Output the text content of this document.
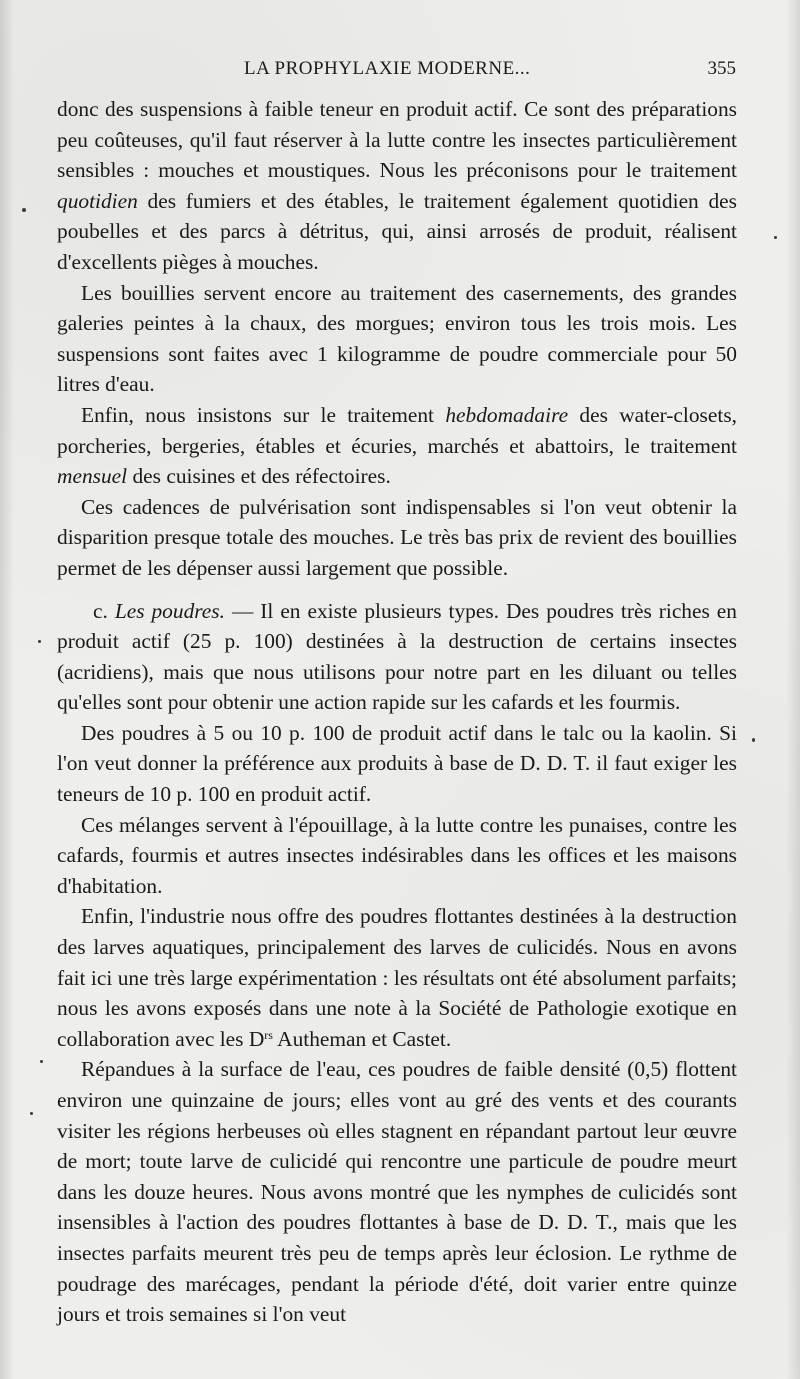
LA PROPHYLAXIE MODERNE...	355

donc des suspensions à faible teneur en produit actif. Ce sont des préparations peu coûteuses, qu'il faut réserver à la lutte contre les insectes particulièrement sensibles : mouches et moustiques. Nous les préconisons pour le traitement quotidien des fumiers et des étables, le traitement également quotidien des poubelles et des parcs à détritus, qui, ainsi arrosés de produit, réalisent d'excellents pièges à mouches.

Les bouillies servent encore au traitement des casernements, des grandes galeries peintes à la chaux, des morgues; environ tous les trois mois. Les suspensions sont faites avec 1 kilogramme de poudre commerciale pour 50 litres d'eau.

Enfin, nous insistons sur le traitement hebdomadaire des water-closets, porcheries, bergeries, étables et écuries, marchés et abattoirs, le traitement mensuel des cuisines et des réfectoires.

Ces cadences de pulvérisation sont indispensables si l'on veut obtenir la disparition presque totale des mouches. Le très bas prix de revient des bouillies permet de les dépenser aussi largement que possible.

c. Les poudres. — Il en existe plusieurs types. Des poudres très riches en produit actif (25 p. 100) destinées à la destruction de certains insectes (acridiens), mais que nous utilisons pour notre part en les diluant ou telles qu'elles sont pour obtenir une action rapide sur les cafards et les fourmis.

Des poudres à 5 ou 10 p. 100 de produit actif dans le talc ou la kaolin. Si l'on veut donner la préférence aux produits à base de D. D. T. il faut exiger les teneurs de 10 p. 100 en produit actif.

Ces mélanges servent à l'épouillage, à la lutte contre les punaises, contre les cafards, fourmis et autres insectes indésirables dans les offices et les maisons d'habitation.

Enfin, l'industrie nous offre des poudres flottantes destinées à la destruction des larves aquatiques, principalement des larves de culicidés. Nous en avons fait ici une très large expérimentation : les résultats ont été absolument parfaits; nous les avons exposés dans une note à la Société de Pathologie exotique en collaboration avec les $D^{rs}$ Autheman et Castet.

Répandues à la surface de l'eau, ces poudres de faible densité (0,5) flottent environ une quinzaine de jours; elles vont au gré des vents et des courants visiter les régions herbeuses où elles stagnent en répandant partout leur œuvre de mort; toute larve de culicidé qui rencontre une particule de poudre meurt dans les douze heures. Nous avons montré que les nymphes de culicidés sont insensibles à l'action des poudres flottantes à base de D. D. T., mais que les insectes parfaits meurent très peu de temps après leur éclosion. Le rythme de poudrage des marécages, pendant la période d'été, doit varier entre quinze jours et trois semaines si l'on veut
